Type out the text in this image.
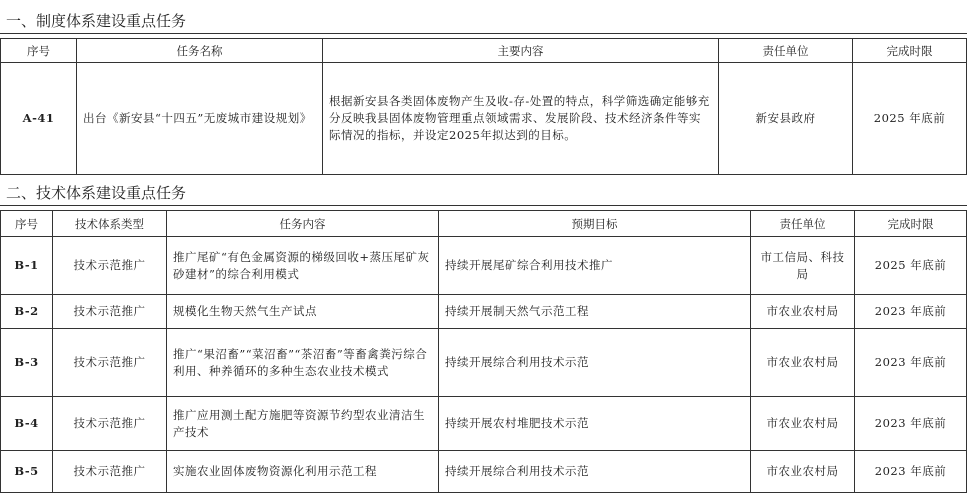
一、制度体系建设重点任务
序号	任务名称	主要内容	责任单位	完成时限
A-41	出台《新安县“十四五”无废城市建设规划》	根据新安县各类固体废物产生及收-存-处置的特点，科学筛选确定能够充分反映我县固体废物管理重点领域需求、发展阶段、技术经济条件等实际情况的指标，并设定2025年拟达到的目标。	新安县政府	2025 年底前
二、技术体系建设重点任务
序号	技术体系类型	任务内容	预期目标	责任单位	完成时限
B-1	技术示范推广	推广尾矿“有色金属资源的梯级回收+蒸压尾矿灰砂建材”的综合利用模式	持续开展尾矿综合利用技术推广	市工信局、科技局	2025 年底前
B-2	技术示范推广	规模化生物天然气生产试点	持续开展制天然气示范工程	市农业农村局	2023 年底前
B-3	技术示范推广	推广“果沼畜”“菜沼畜”“茶沼畜”等畜禽粪污综合利用、种养循环的多种生态农业技术模式	持续开展综合利用技术示范	市农业农村局	2023 年底前
B-4	技术示范推广	推广应用测土配方施肥等资源节约型农业清洁生产技术	持续开展农村堆肥技术示范	市农业农村局	2023 年底前
B-5	技术示范推广	实施农业固体废物资源化利用示范工程	持续开展综合利用技术示范	市农业农村局	2023 年底前
